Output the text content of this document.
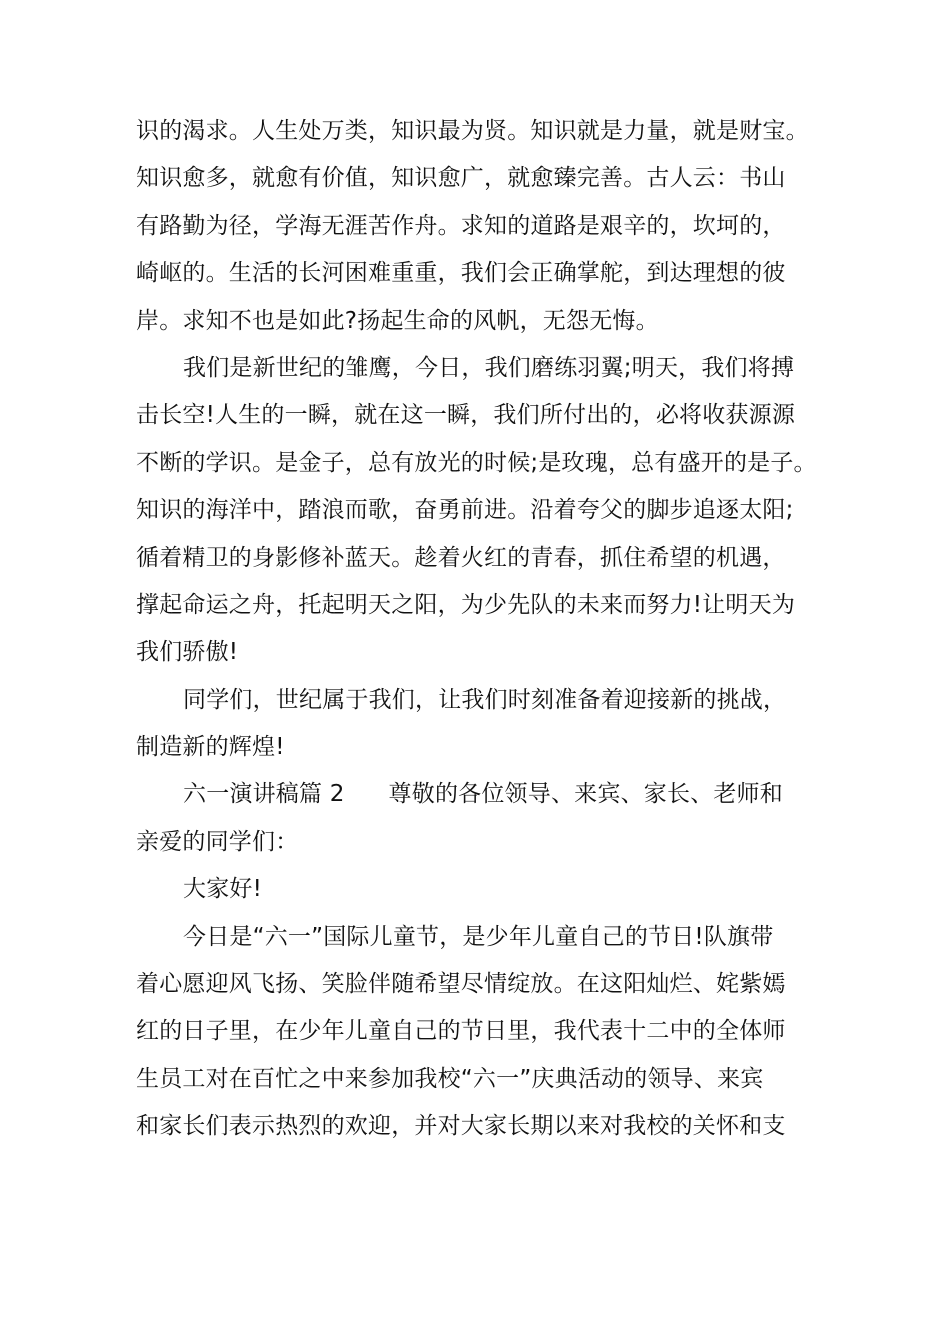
识的渴求。人生处万类，知识最为贤。知识就是力量，就是财宝。
知识愈多，就愈有价值，知识愈广，就愈臻完善。古人云：书山
有路勤为径，学海无涯苦作舟。求知的道路是艰辛的，坎坷的，
崎岖的。生活的长河困难重重，我们会正确掌舵，到达理想的彼
岸。求知不也是如此?扬起生命的风帆，无怨无悔。
我们是新世纪的雏鹰，今日，我们磨练羽翼;明天，我们将搏
击长空!人生的一瞬，就在这一瞬，我们所付出的，必将收获源源
不断的学识。是金子，总有放光的时候;是玫瑰，总有盛开的是子。
知识的海洋中，踏浪而歌，奋勇前进。沿着夸父的脚步追逐太阳;
循着精卫的身影修补蓝天。趁着火红的青春，抓住希望的机遇，
撑起命运之舟，托起明天之阳，为少先队的未来而努力!让明天为
我们骄傲!
同学们，世纪属于我们，让我们时刻准备着迎接新的挑战，
制造新的辉煌!
六一演讲稿篇 2 尊敬的各位领导、来宾、家长、老师和
亲爱的同学们：
大家好!
今日是“六一”国际儿童节，是少年儿童自己的节日!队旗带
着心愿迎风飞扬、笑脸伴随希望尽情绽放。在这阳灿烂、姹紫嫣
红的日子里，在少年儿童自己的节日里，我代表十二中的全体师
生员工对在百忙之中来参加我校“六一”庆典活动的领导、来宾
和家长们表示热烈的欢迎，并对大家长期以来对我校的关怀和支
